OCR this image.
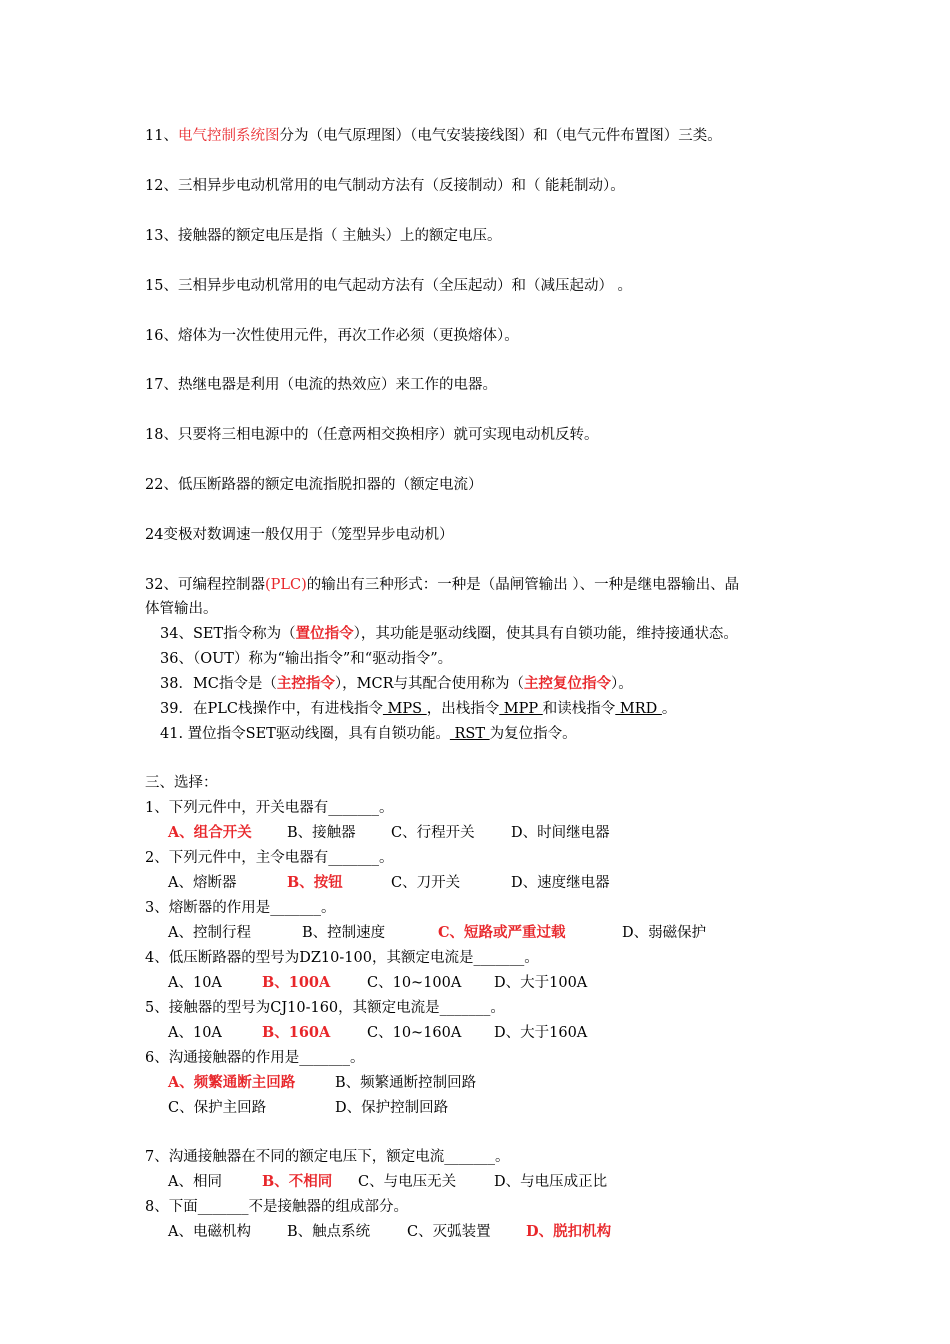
11、电气控制系统图分为（电气原理图）（电气安装接线图）和（电气元件布置图）三类。
12、三相异步电动机常用的电气制动方法有（反接制动）和（ 能耗制动）。
13、接触器的额定电压是指（ 主触头）上的额定电压。
15、三相异步电动机常用的电气起动方法有（全压起动）和（减压起动） 。
16、熔体为一次性使用元件，再次工作必须（更换熔体）。
17、热继电器是利用（电流的热效应）来工作的电器。
18、只要将三相电源中的（任意两相交换相序）就可实现电动机反转。
22、低压断路器的额定电流指脱扣器的（额定电流）
24变极对数调速一般仅用于（笼型异步电动机）
32、可编程控制器(PLC)的输出有三种形式：一种是（晶闸管输出 ）、一种是继电器输出、晶
体管输出。
34、SET指令称为（置位指令），其功能是驱动线圈，使其具有自锁功能，维持接通状态。
36、（OUT）称为“输出指令”和“驱动指令”。
38．MC指令是（主控指令），MCR与其配合使用称为（主控复位指令）。
39．在PLC栈操作中，有进栈指令 MPS ，出栈指令 MPP 和读栈指令 MRD 。
41. 置位指令SET驱动线圈，具有自锁功能。 RST 为复位指令。
三、选择：
1、下列元件中，开关电器有_______。
A、组合开关 B、接触器 C、行程开关	D、时间继电器
2、下列元件中，主令电器有_______。
A、熔断器	B、按钮	C、刀开关	D、速度继电器
3、熔断器的作用是_______。
A、控制行程	B、控制速度	C、短路或严重过载	D、弱磁保护
4、低压断路器的型号为DZ10-100，其额定电流是_______。
A、10A	B、100A	C、10~100A D、大于100A
5、接触器的型号为CJ10-160，其额定电流是_______。
A、10A	B、160A	C、10~160A D、大于160A
6、沟通接触器的作用是_______。
A、频繁通断主回路	B、频繁通断控制回路
C、保护主回路	D、保护控制回路
7、沟通接触器在不同的额定电压下，额定电流_______。
A、相同	B、不相同 C、与电压无关	D、与电压成正比
8、下面_______不是接触器的组成部分。
A、电磁机构 B、触点系统	C、灭弧装置 D、脱扣机构
